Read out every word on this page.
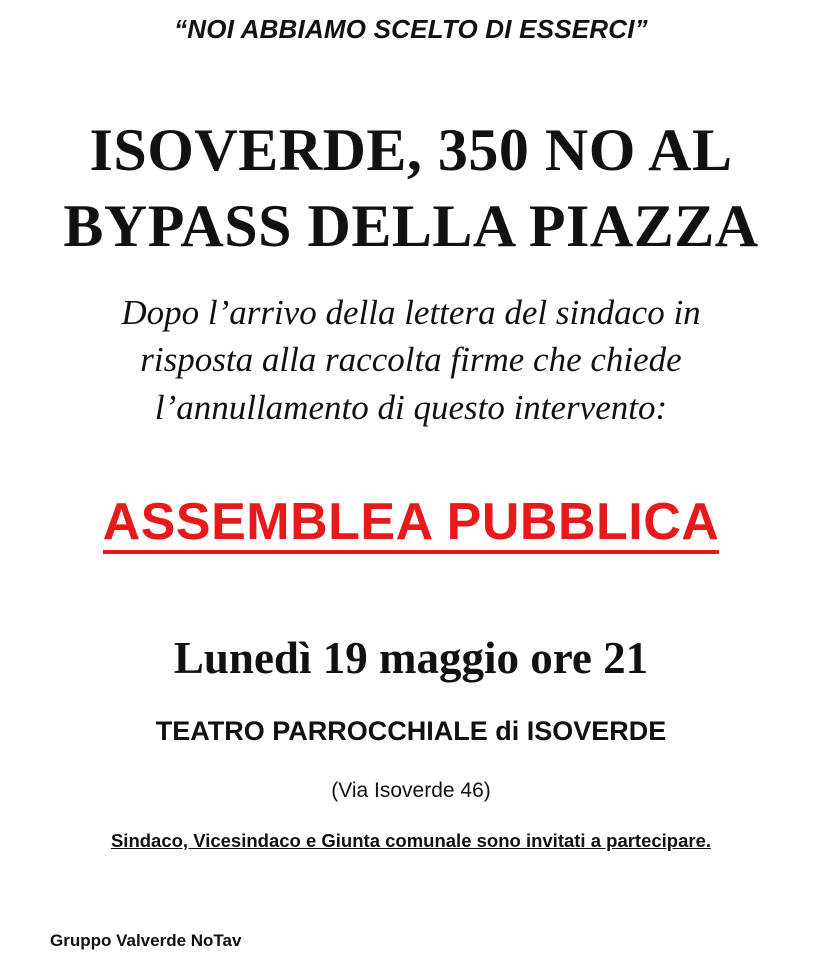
“NOI ABBIAMO SCELTO DI ESSERCI”
ISOVERDE, 350 NO AL
BYPASS DELLA PIAZZA
Dopo l’arrivo della lettera del sindaco in
risposta alla raccolta firme che chiede
l’annullamento di questo intervento:
ASSEMBLEA PUBBLICA
Lunedì 19 maggio ore 21
TEATRO PARROCCHIALE di ISOVERDE
(Via Isoverde 46)
Sindaco, Vicesindaco e Giunta comunale sono invitati a partecipare.
Gruppo Valverde NoTav
